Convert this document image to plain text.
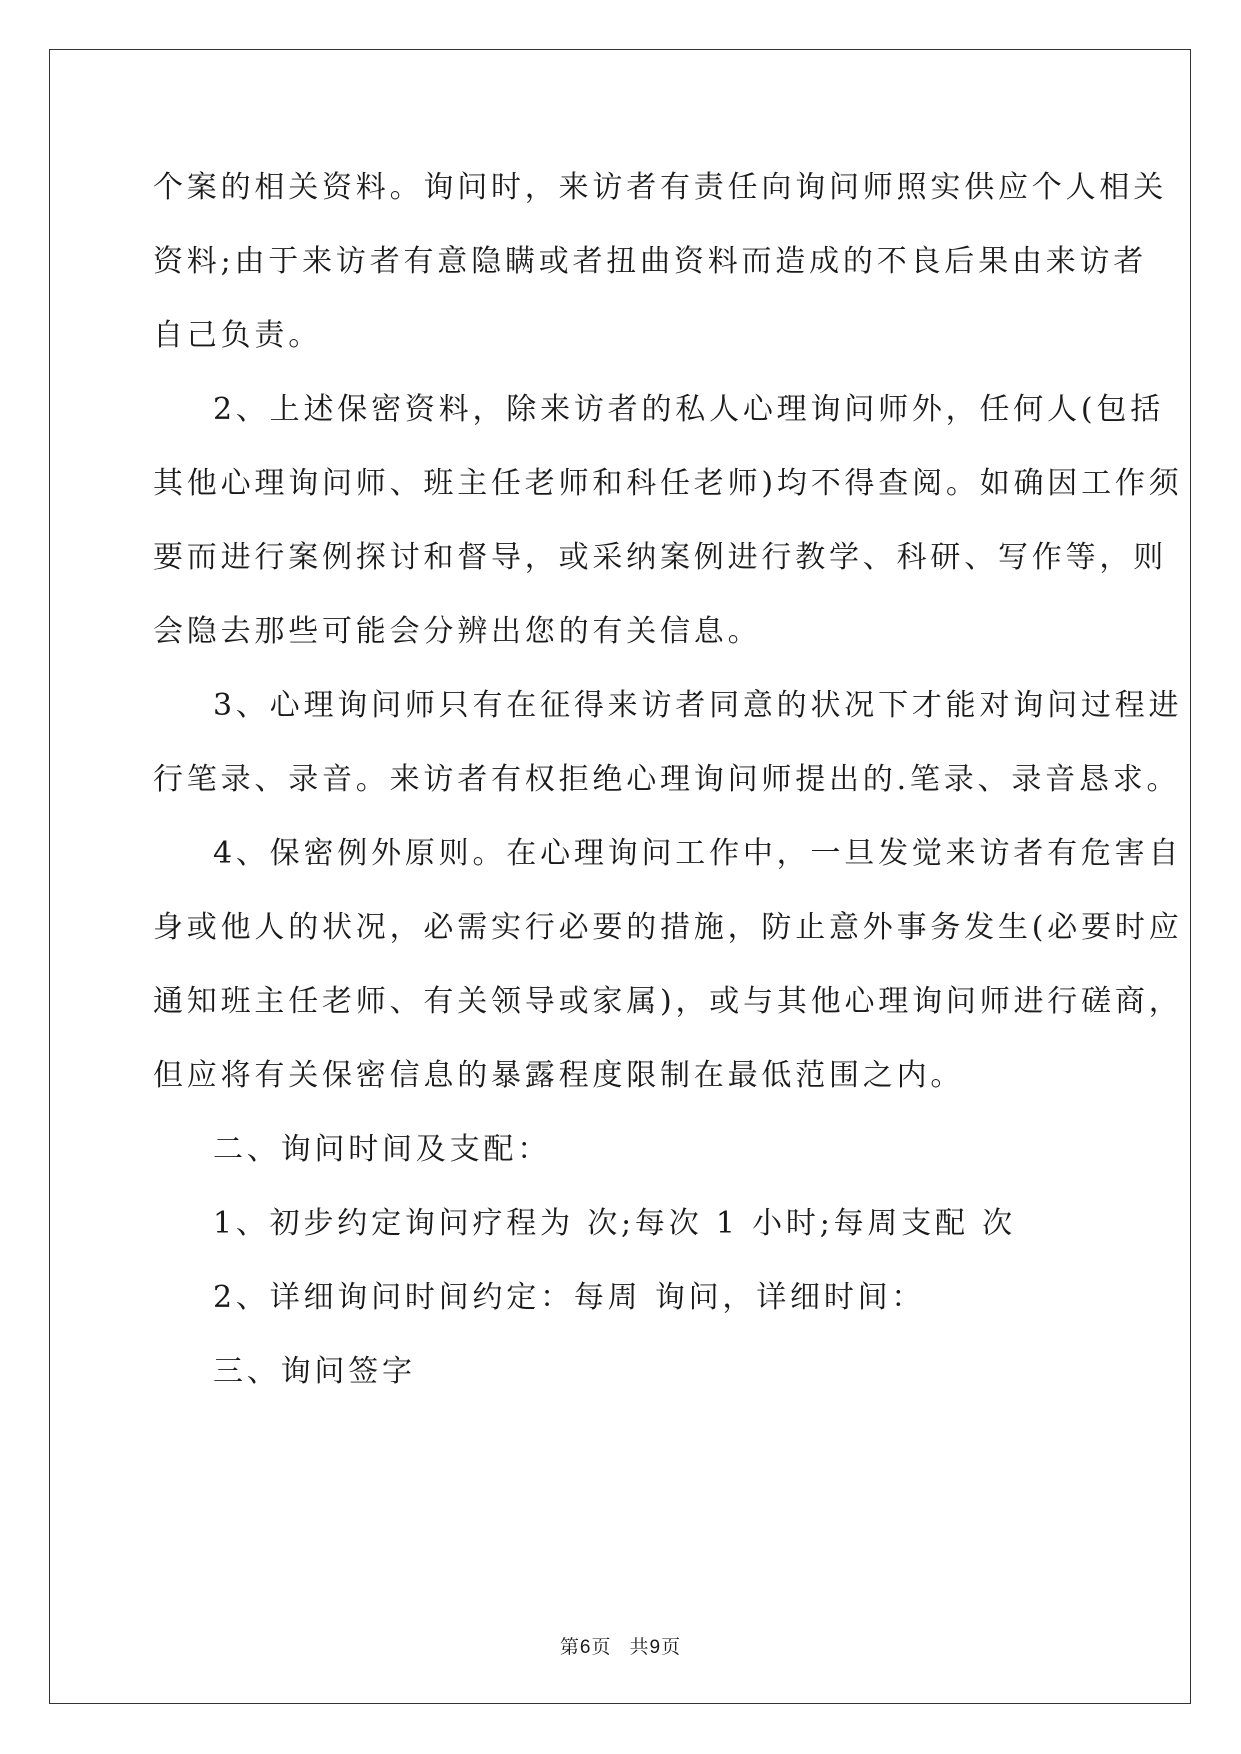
个案的相关资料。询问时，来访者有责任向询问师照实供应个人相关
资料;由于来访者有意隐瞒或者扭曲资料而造成的不良后果由来访者
自己负责。
2、上述保密资料，除来访者的私人心理询问师外，任何人(包括
其他心理询问师、班主任老师和科任老师)均不得查阅。如确因工作须
要而进行案例探讨和督导，或采纳案例进行教学、科研、写作等，则
会隐去那些可能会分辨出您的有关信息。
3、心理询问师只有在征得来访者同意的状况下才能对询问过程进
行笔录、录音。来访者有权拒绝心理询问师提出的.笔录、录音恳求。
4、保密例外原则。在心理询问工作中，一旦发觉来访者有危害自
身或他人的状况，必需实行必要的措施，防止意外事务发生(必要时应
通知班主任老师、有关领导或家属)，或与其他心理询问师进行磋商，
但应将有关保密信息的暴露程度限制在最低范围之内。
二、询问时间及支配：
1、初步约定询问疗程为 次;每次 1 小时;每周支配 次
2、详细询问时间约定：每周 询问，详细时间：
三、询问签字
第6页 共9页
